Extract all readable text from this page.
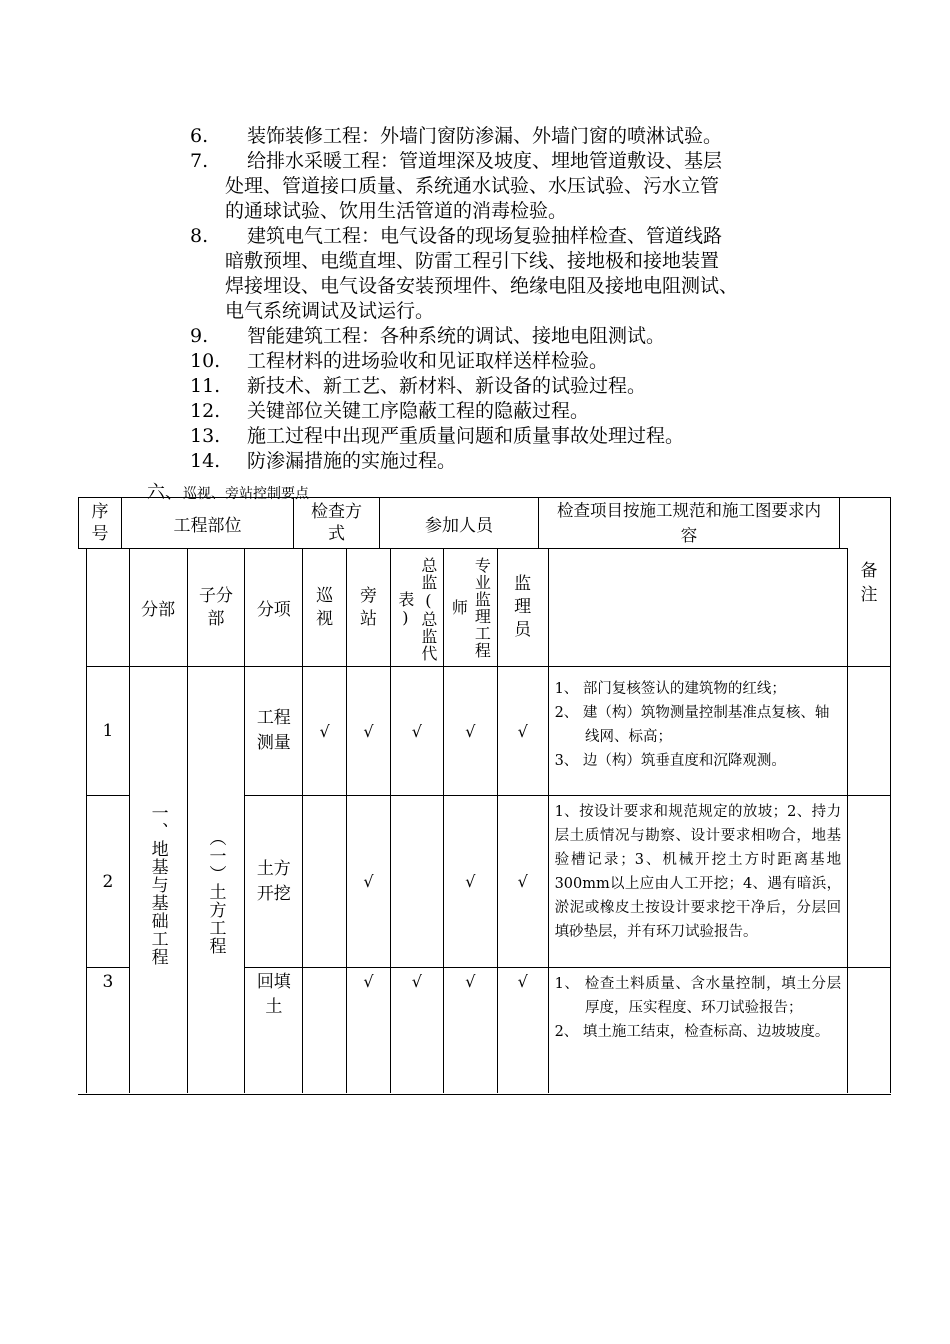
6. 装饰装修工程：外墙门窗防渗漏、外墙门窗的喷淋试验。
7. 给排水采暖工程：管道埋深及坡度、埋地管道敷设、基层
处理、管道接口质量、系统通水试验、水压试验、污水立管
的通球试验、饮用生活管道的消毒检验。
8. 建筑电气工程：电气设备的现场复验抽样检查、管道线路
暗敷预埋、电缆直埋、防雷工程引下线、接地极和接地装置
焊接埋设、电气设备安装预埋件、绝缘电阻及接地电阻测试、
电气系统调试及试运行。
9. 智能建筑工程：各种系统的调试、接地电阻测试。
10. 工程材料的进场验收和见证取样送样检验。
11. 新技术、新工艺、新材料、新设备的试验过程。
12. 关键部位关键工序隐蔽工程的隐蔽过程。
13. 施工过程中出现严重质量问题和质量事故处理过程。
14. 防渗漏措施的实施过程。
六、巡视、旁站控制要点
序号	工程部位	
检查方式	参加人员	
检查项目按施工规范和施工图要求内容

	分部	子分部	分项	巡视	旁站	总监(总监代表)	专业监理工程师	监理员		备注

1	一、地基与基础工程	（一）土方工程	工程测量	√	√	√	√	√	1、 部门复核签认的建筑物的红线；

2、 建（构）筑物测量控制基准点复核、轴线网、标高；

3、 边（构）筑垂直度和沉降观测。	

2			土方开挖		√		√	√	1、按设计要求和规范规定的放坡；2、持力层土质情况与勘察、设计要求相吻合，地基验槽记录；3、机械开挖土方时距离基地300mm以上应由人工开挖；4、遇有暗浜，淤泥或橡皮土按设计要求挖干净后，分层回填砂垫层，并有环刀试验报告。	

3			回填土		√	√	√	√	1、 检查土料质量、含水量控制，填土分层厚度，压实程度、环刀试验报告；

2、 填土施工结束，检查标高、边坡坡度。	
